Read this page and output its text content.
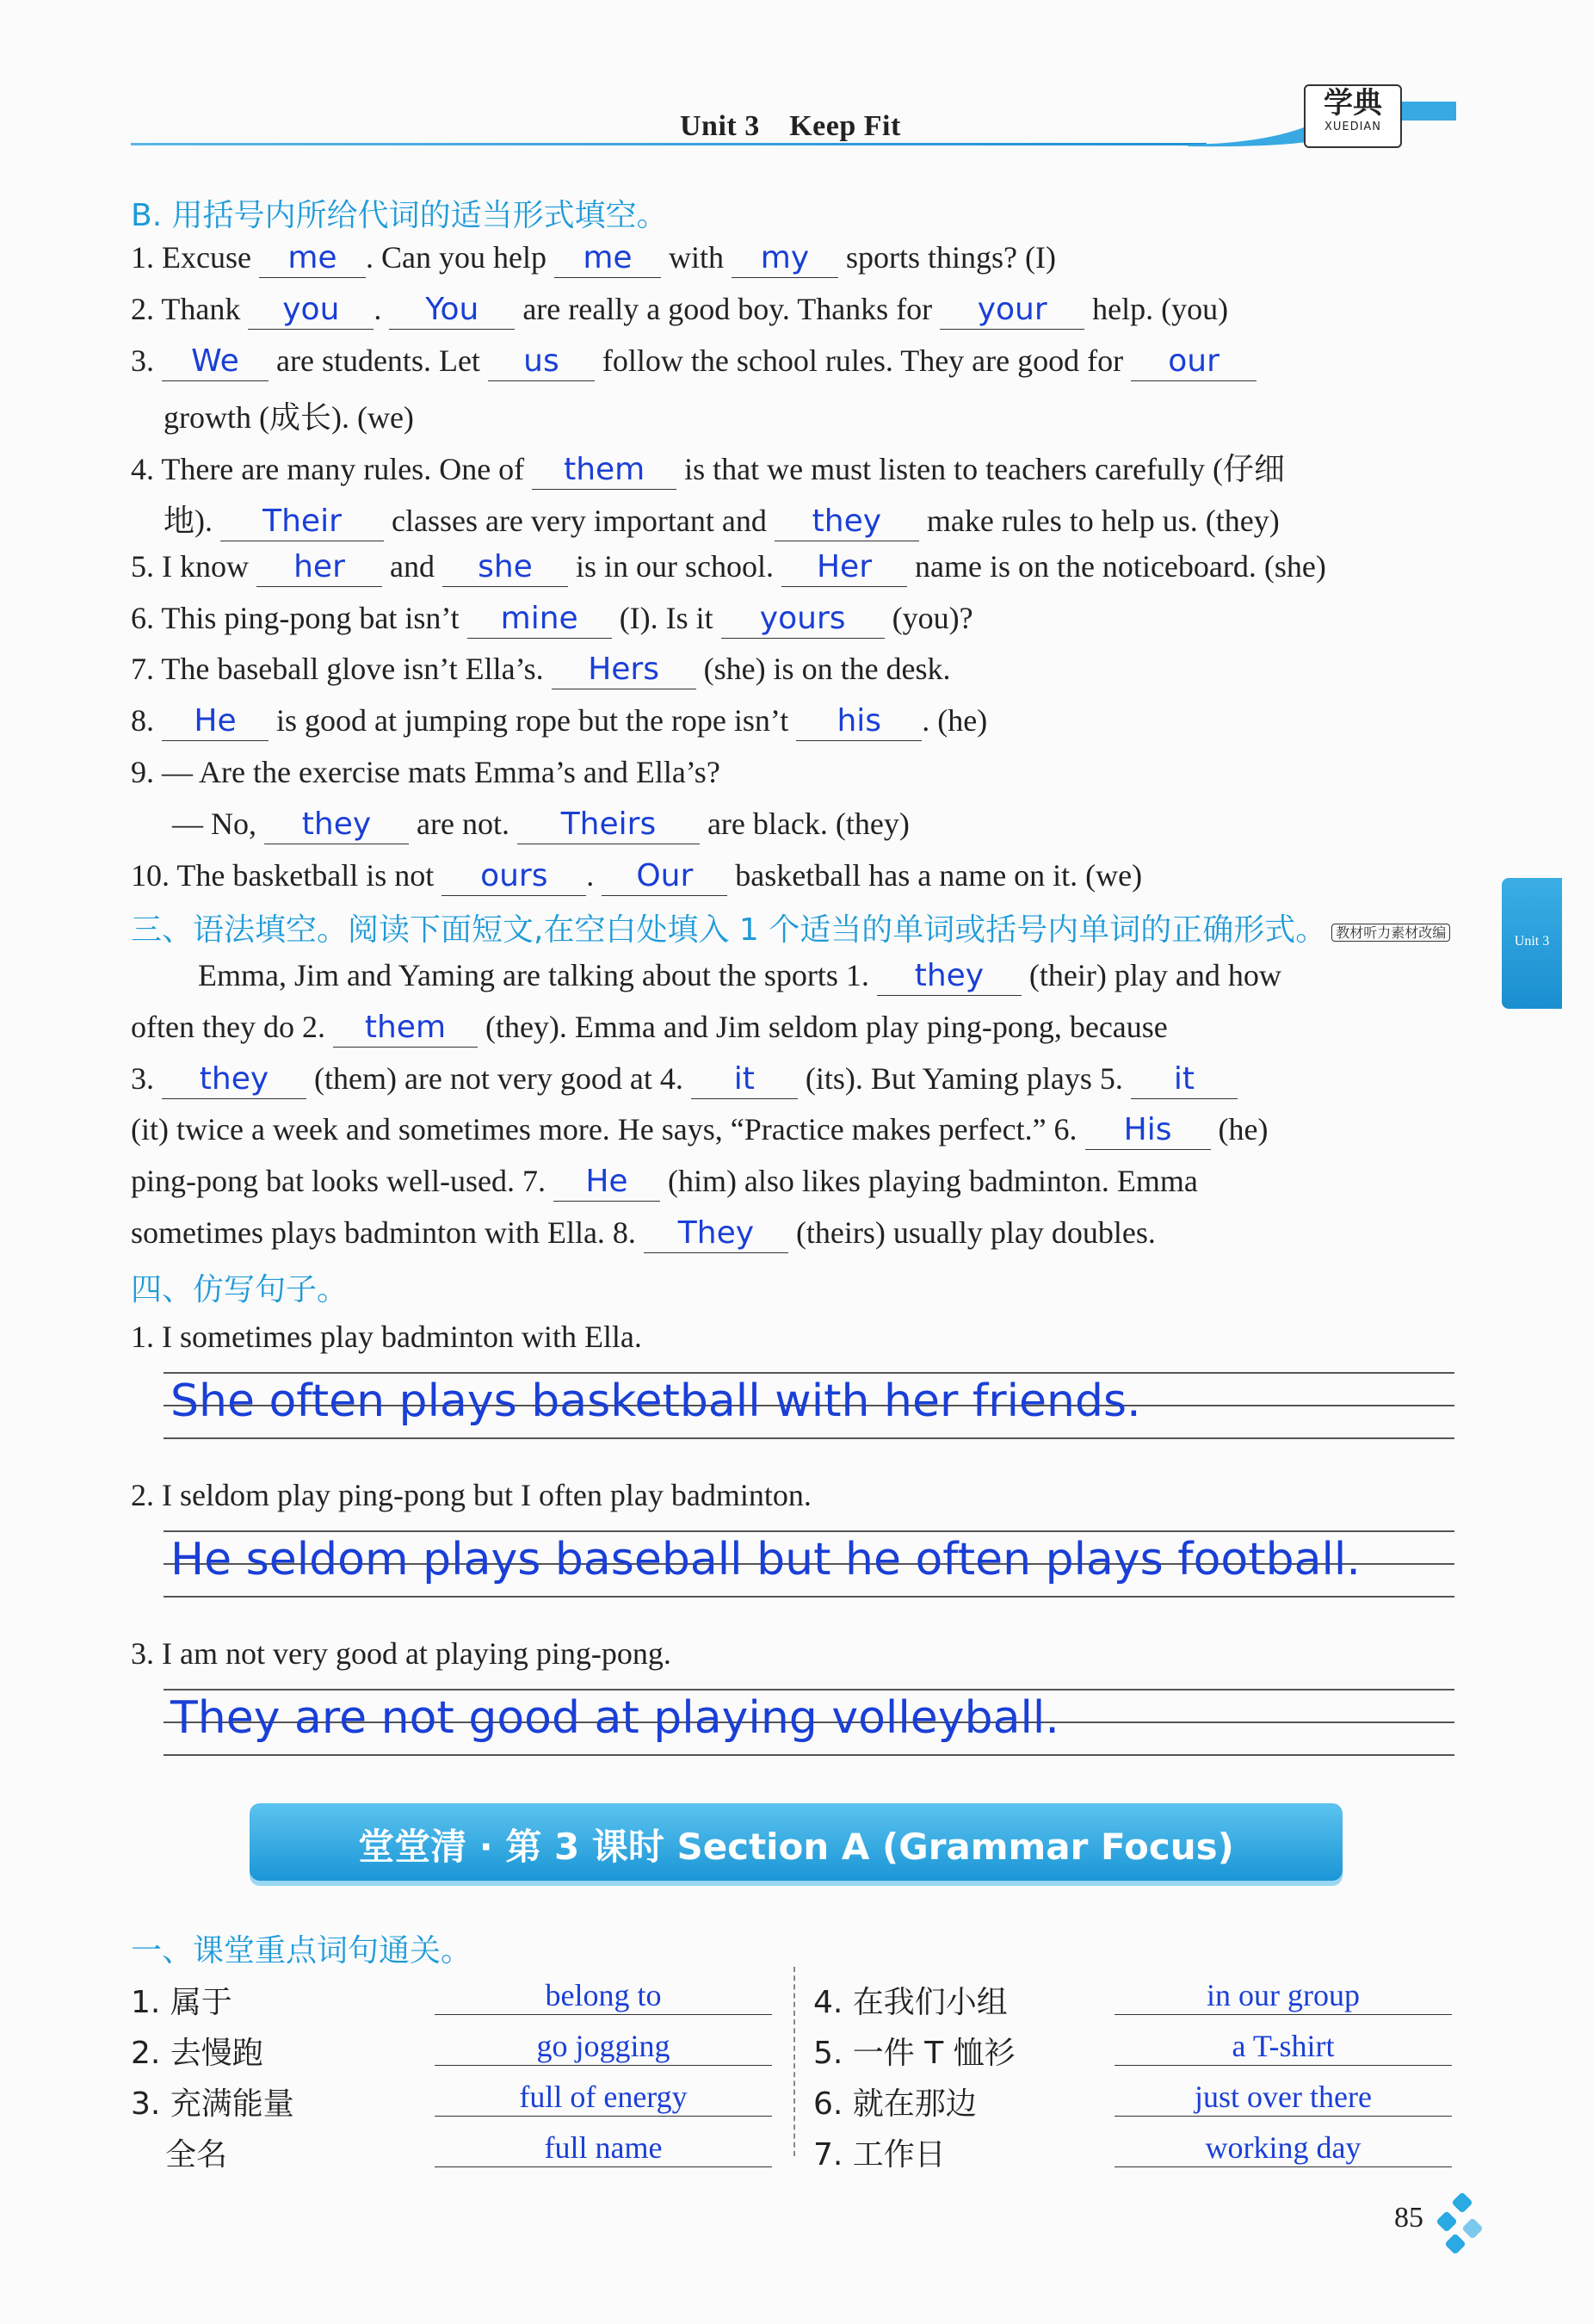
Unit 3　Keep Fit
学典
XUEDIAN
Unit 3
B. 用括号内所给代词的适当形式填空。
1. Excuse me . Can you help me with my sports things? (I)
2. Thank you . You are really a good boy. Thanks for your help. (you)
3. We are students. Let us follow the school rules. They are good for our
growth (成长). (we)
4. There are many rules. One of them is that we must listen to teachers carefully (仔细
地). Their classes are very important and they make rules to help us. (they)
5. I know her and she is in our school. Her name is on the noticeboard. (she)
6. This ping-pong bat isn’t mine (I). Is it yours (you)?
7. The baseball glove isn’t Ella’s. Hers (she) is on the desk.
8. He is good at jumping rope but the rope isn’t his . (he)
9. — Are the exercise mats Emma’s and Ella’s?
— No, they are not. Theirs are black. (they)
10. The basketball is not ours . Our basketball has a name on it. (we)
三、语法填空。阅读下面短文,在空白处填入 1 个适当的单词或括号内单词的正确形式。 教材听力素材改编
Emma, Jim and Yaming are talking about the sports 1. they (their) play and how
often they do 2. them (they). Emma and Jim seldom play ping-pong, because
3. they (them) are not very good at 4. it (its). But Yaming plays 5. it
(it) twice a week and sometimes more. He says, “Practice makes perfect.” 6. His (he)
ping-pong bat looks well-used. 7. He (him) also likes playing badminton. Emma
sometimes plays badminton with Ella. 8. They (theirs) usually play doubles.
四、仿写句子。
1. I sometimes play badminton with Ella.
She often plays basketball with her friends.
2. I seldom play ping-pong but I often play badminton.
He seldom plays baseball but he often plays football.
3. I am not very good at playing ping-pong.
They are not good at playing volleyball.
堂堂清 · 第 3 课时 Section A (Grammar Focus)
一、课堂重点词句通关。
1. 属于	belong to
2. 去慢跑	go jogging
3. 充满能量	full of energy
全名	full name
4. 在我们小组	in our group
5. 一件 T 恤衫	a T-shirt
6. 就在那边	just over there
7. 工作日	working day
85
